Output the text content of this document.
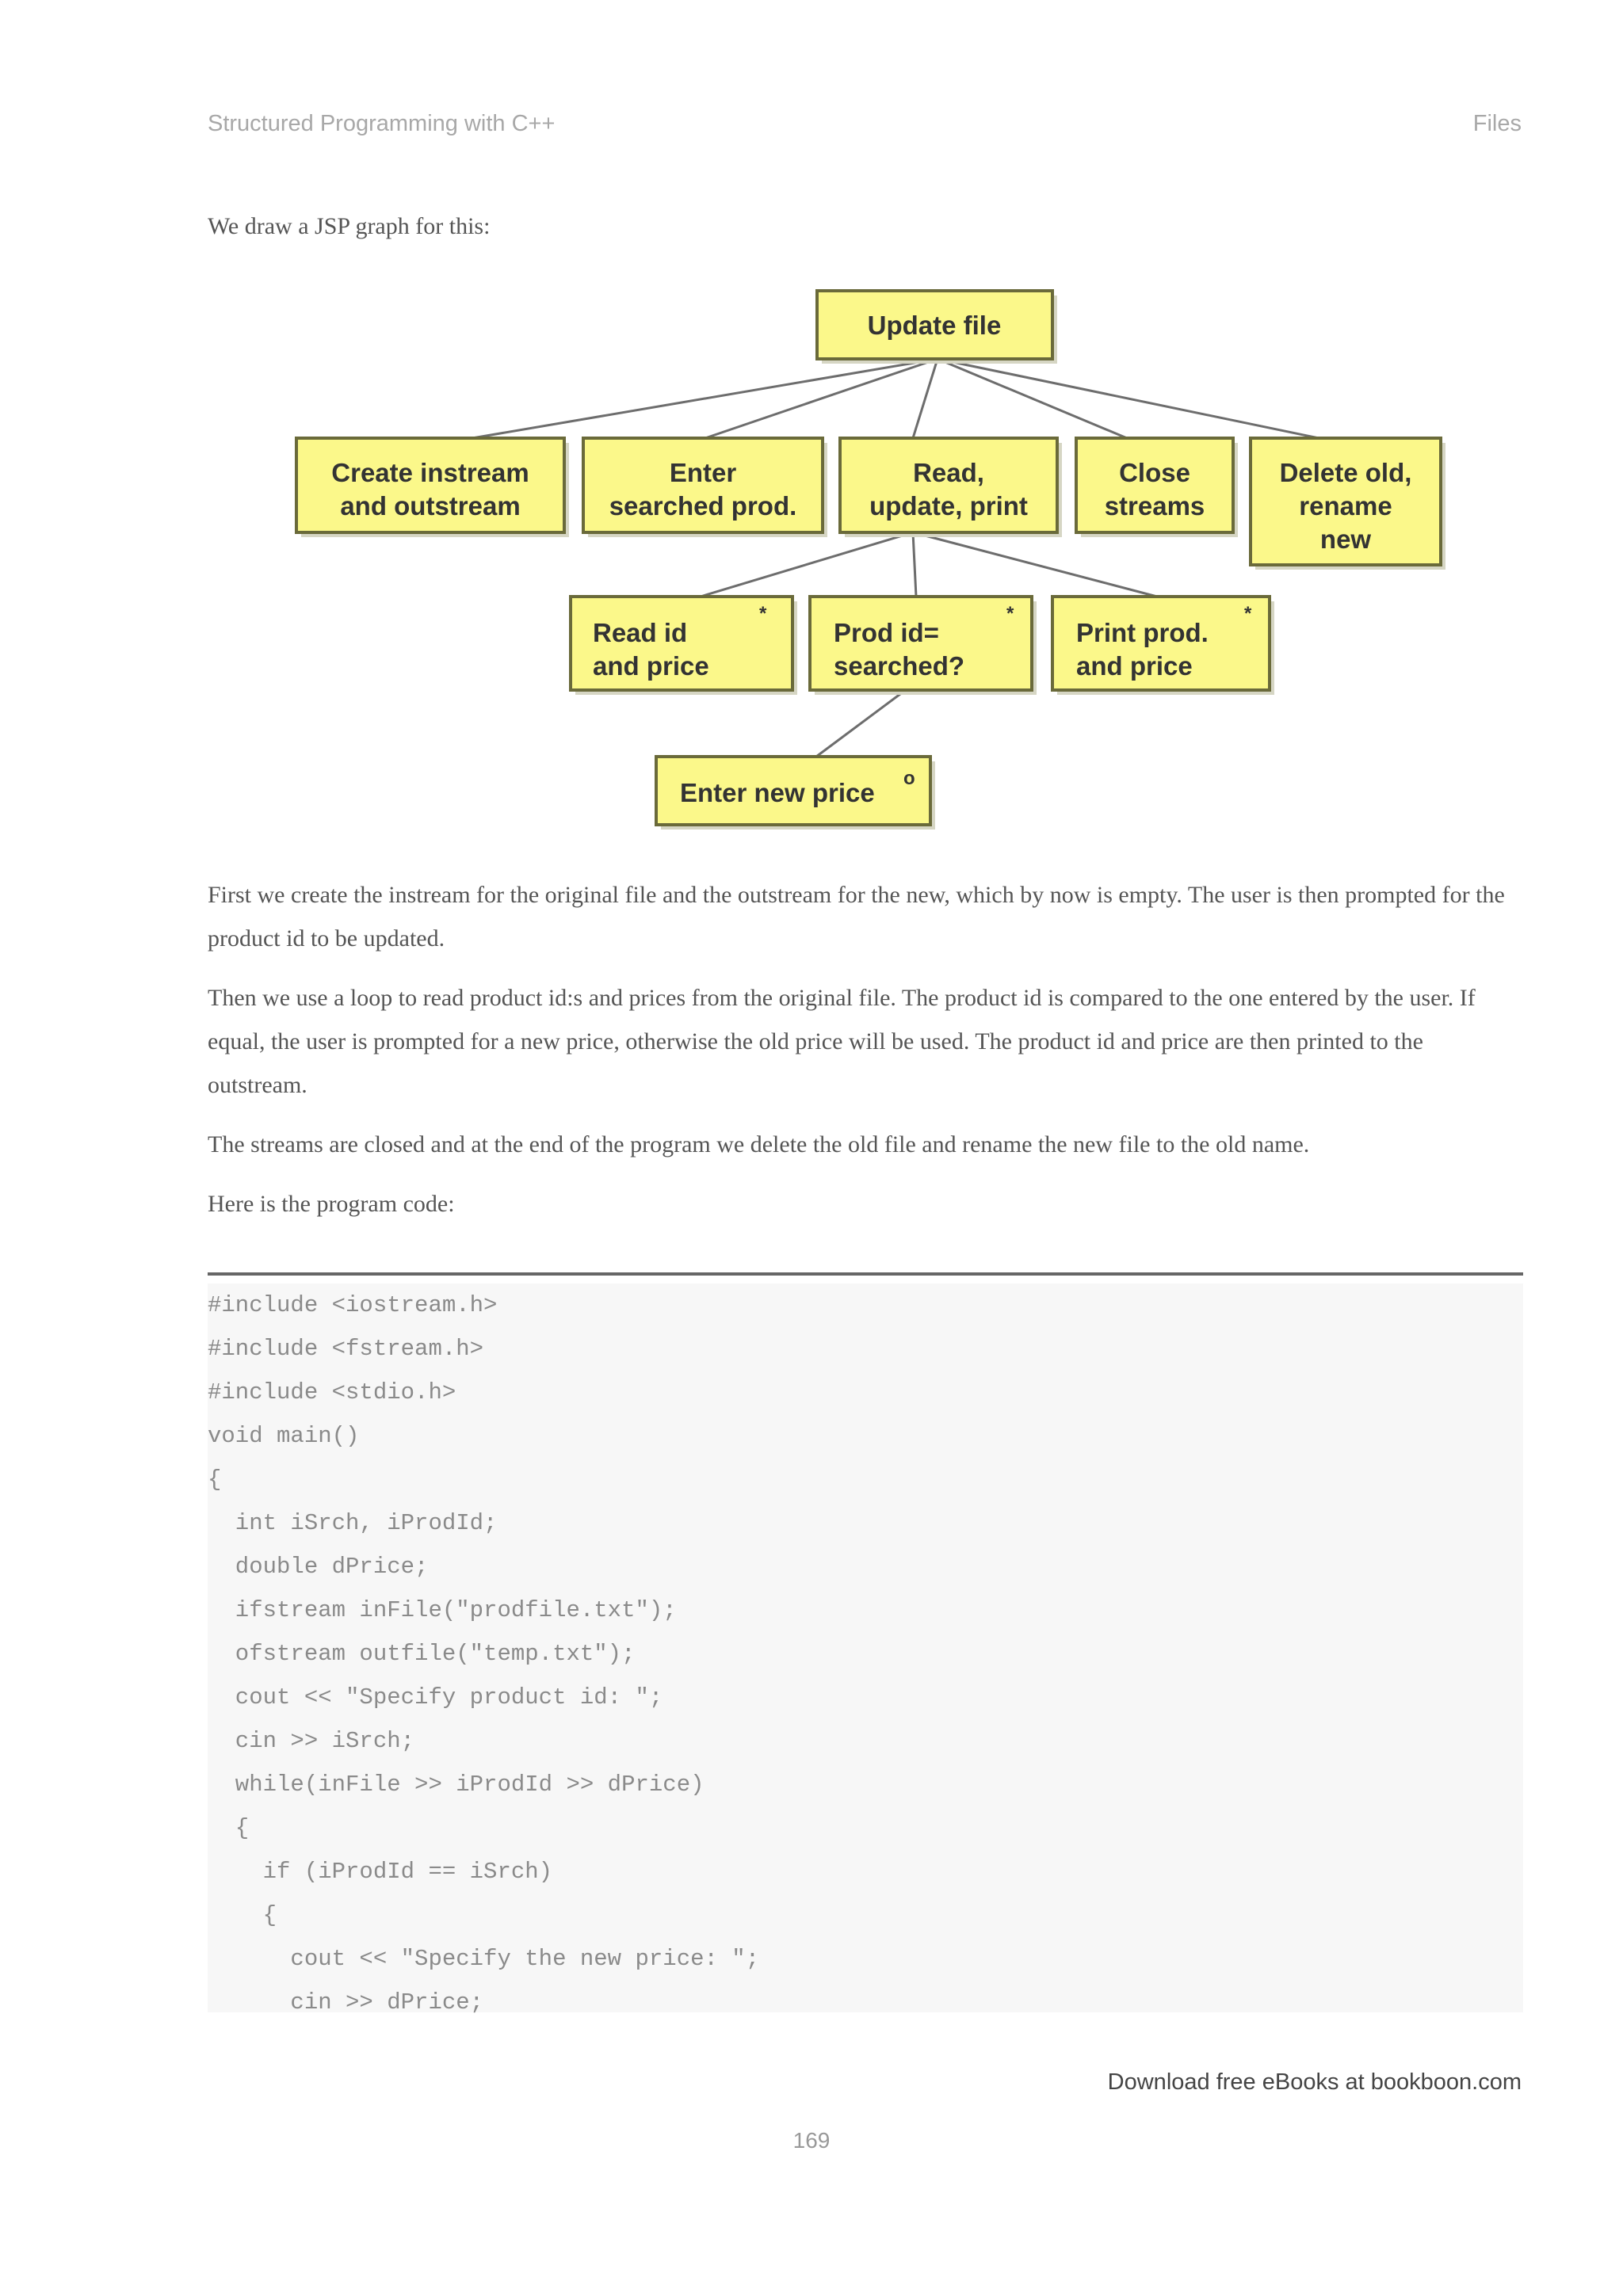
Structured Programming with C++	Files
We draw a JSP graph for this:
Update file
Create instream
and outstream
Enter
searched prod.
Read,
update, print
Close
streams
Delete old,
rename
new
Read id
and price
*
Prod id=
searched?
*
Print prod.
and price
*
Enter new price o

First we create the instream for the original file and the outstream for the new, which by now is empty. The user is then prompted for the product id to be updated.

Then we use a loop to read product id:s and prices from the original file. The product id is compared to the one entered by the user. If equal, the user is prompted for a new price, otherwise the old price will be used. The product id and price are then printed to the outstream.

The streams are closed and at the end of the program we delete the old file and rename the new file to the old name.

Here is the program code:

#include <iostream.h>
#include <fstream.h>
#include <stdio.h>
void main()
{
int iSrch, iProdId;
double dPrice;
ifstream inFile("prodfile.txt");
ofstream outfile("temp.txt");
cout << "Specify product id: ";
cin >> iSrch;
while(inFile >> iProdId >> dPrice)
{
if (iProdId == iSrch)
{
cout << "Specify the new price: ";
cin >> dPrice;
Download free eBooks at bookboon.com
169
